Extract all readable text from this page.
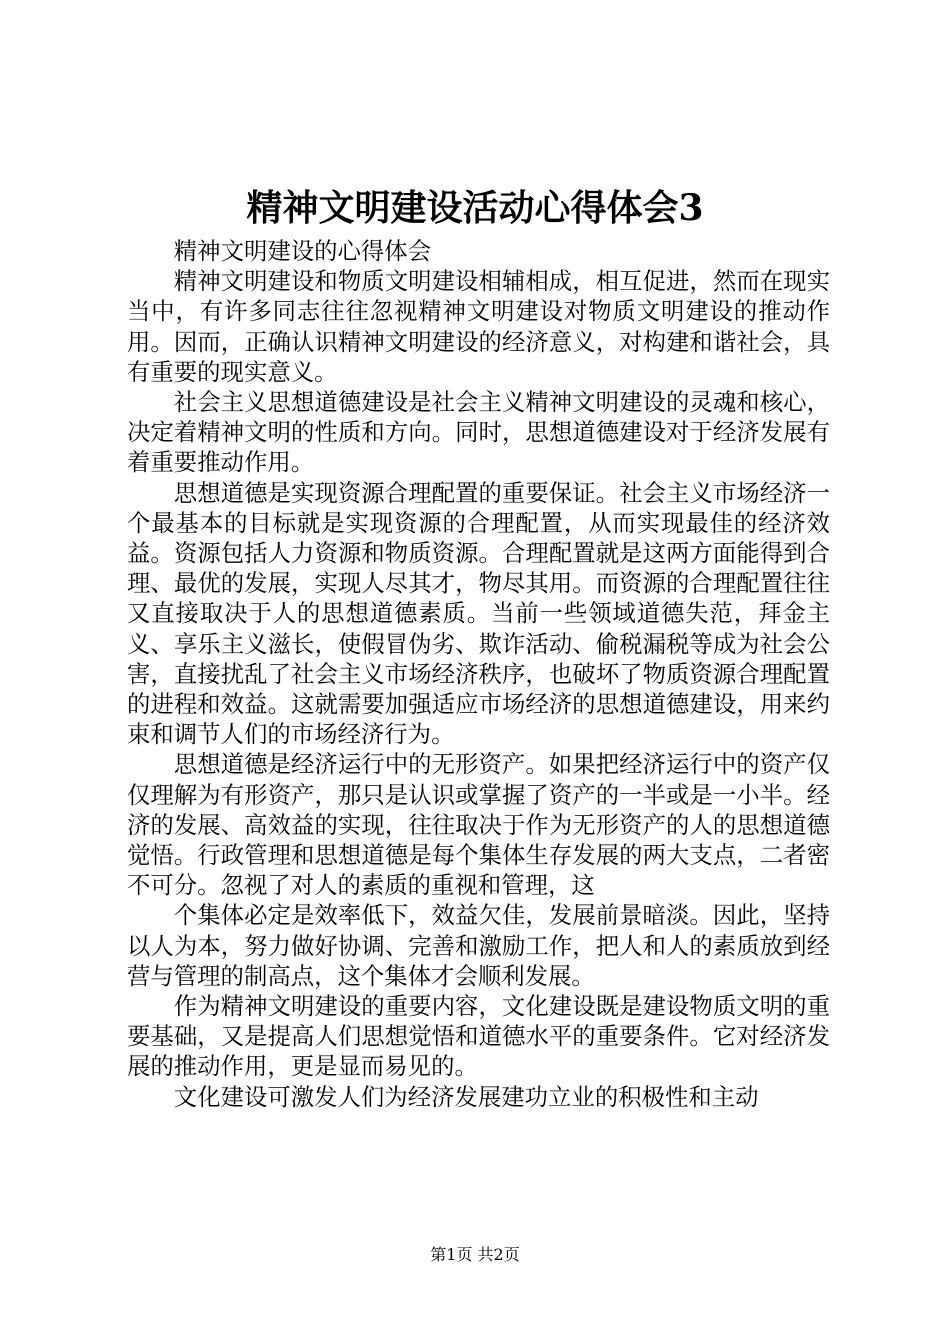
精神文明建设活动心得体会3

精神文明建设的心得体会

精神文明建设和物质文明建设相辅相成，相互促进，然而在现实当中，有许多同志往往忽视精神文明建设对物质文明建设的推动作用。因而，正确认识精神文明建设的经济意义，对构建和谐社会，具有重要的现实意义。

社会主义思想道德建设是社会主义精神文明建设的灵魂和核心，决定着精神文明的性质和方向。同时，思想道德建设对于经济发展有着重要推动作用。

思想道德是实现资源合理配置的重要保证。社会主义市场经济一个最基本的目标就是实现资源的合理配置，从而实现最佳的经济效益。资源包括人力资源和物质资源。合理配置就是这两方面能得到合理、最优的发展，实现人尽其才，物尽其用。而资源的合理配置往往又直接取决于人的思想道德素质。当前一些领域道德失范，拜金主义、享乐主义滋长，使假冒伪劣、欺诈活动、偷税漏税等成为社会公害，直接扰乱了社会主义市场经济秩序，也破坏了物质资源合理配置的进程和效益。这就需要加强适应市场经济的思想道德建设，用来约束和调节人们的市场经济行为。

思想道德是经济运行中的无形资产。如果把经济运行中的资产仅仅理解为有形资产，那只是认识或掌握了资产的一半或是一小半。经济的发展、高效益的实现，往往取决于作为无形资产的人的思想道德觉悟。行政管理和思想道德是每个集体生存发展的两大支点，二者密不可分。忽视了对人的素质的重视和管理，这

个集体必定是效率低下，效益欠佳，发展前景暗淡。因此，坚持以人为本，努力做好协调、完善和激励工作，把人和人的素质放到经营与管理的制高点，这个集体才会顺利发展。

作为精神文明建设的重要内容，文化建设既是建设物质文明的重要基础，又是提高人们思想觉悟和道德水平的重要条件。它对经济发展的推动作用，更是显而易见的。

文化建设可激发人们为经济发展建功立业的积极性和主动

第1页 共2页
